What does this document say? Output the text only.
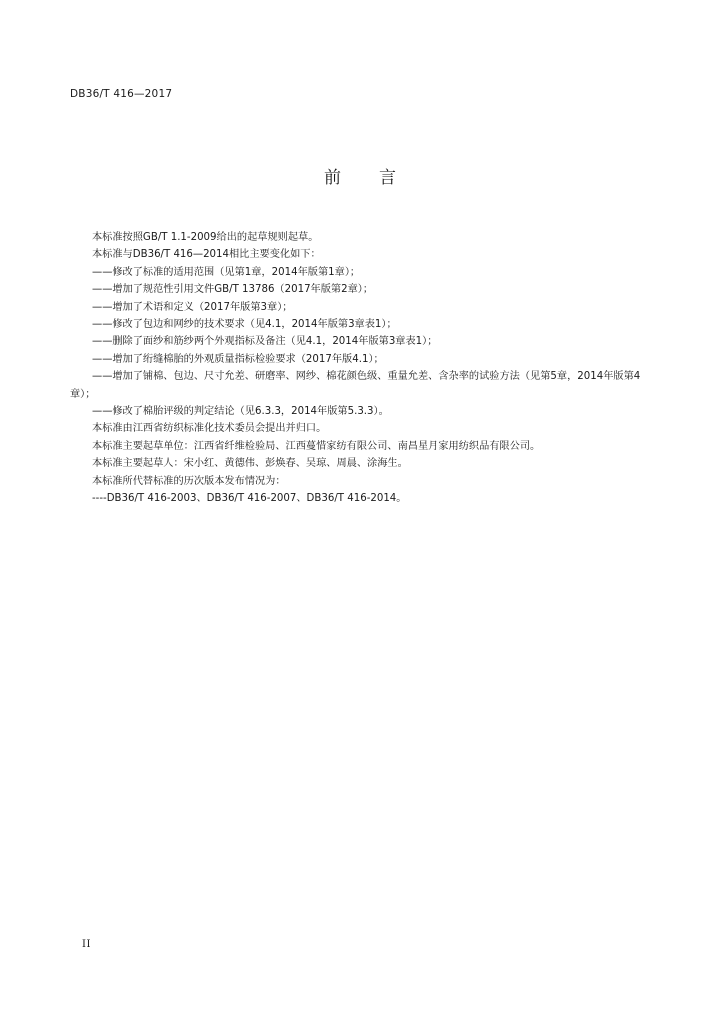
DB36/T 416—2017
前言

本标准按照GB/T 1.1-2009给出的起草规则起草。

本标准与DB36/T 416—2014相比主要变化如下：

——修改了标准的适用范围（见第1章，2014年版第1章）；

——增加了规范性引用文件GB/T 13786（2017年版第2章）；

——增加了术语和定义（2017年版第3章）；

——修改了包边和网纱的技术要求（见4.1，2014年版第3章表1）；

——删除了面纱和筋纱两个外观指标及备注（见4.1，2014年版第3章表1）；

——增加了绗缝棉胎的外观质量指标检验要求（2017年版4.1）；

——增加了铺棉、包边、尺寸允差、研磨率、网纱、棉花颜色级、重量允差、含杂率的试验方法（见第5章，2014年版第4章）；

——修改了棉胎评级的判定结论（见6.3.3，2014年版第5.3.3）。

本标准由江西省纺织标准化技术委员会提出并归口。

本标准主要起草单位：江西省纤维检验局、江西蔓惜家纺有限公司、南昌星月家用纺织品有限公司。

本标准主要起草人：宋小红、黄德伟、彭焕春、吴琼、周晨、涂海生。

本标准所代替标准的历次版本发布情况为：

----DB36/T 416-2003、DB36/T 416-2007、DB36/T 416-2014。

II
